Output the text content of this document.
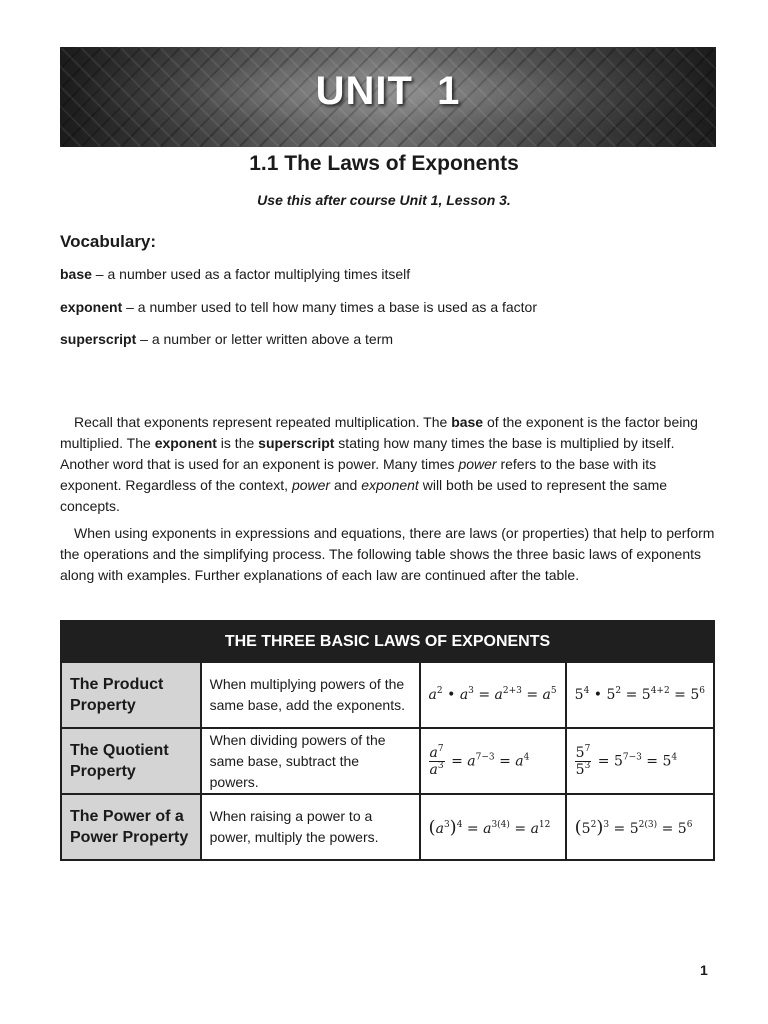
UNIT 1
1.1 The Laws of Exponents
Use this after course Unit 1, Lesson 3.
Vocabulary:
base – a number used as a factor multiplying times itself
exponent – a number used to tell how many times a base is used as a factor
superscript – a number or letter written above a term
Recall that exponents represent repeated multiplication. The base of the exponent is the factor being multiplied. The exponent is the superscript stating how many times the base is multiplied by itself. Another word that is used for an exponent is power. Many times power refers to the base with its exponent. Regardless of the context, power and exponent will both be used to represent the same concepts.
When using exponents in expressions and equations, there are laws (or properties) that help to perform the operations and the simplifying process. The following table shows the three basic laws of exponents along with examples. Further explanations of each law are continued after the table.
THE THREE BASIC LAWS OF EXPONENTS			
The Product Property	When multiplying powers of the same base, add the exponents.	$a^2$ • $a^3 = a^{2+3} = a^5$	$5^4$ • $5^2 = 5^{4+2} = 5^6$
The Quotient Property	When dividing powers of the same base, subtract the powers.	$\frac{a^7}{a^3} = a^{7-3} = a^4$	$\frac{5^7}{5^3} = 5^{7-3} = 5^4$
The Power of a Power Property	When raising a power to a power, multiply the powers.	$(a^3)^4 = a^{3(4)} = a^{12}$	$(5^2)^3 = 5^{2(3)} = 5^6$
1
